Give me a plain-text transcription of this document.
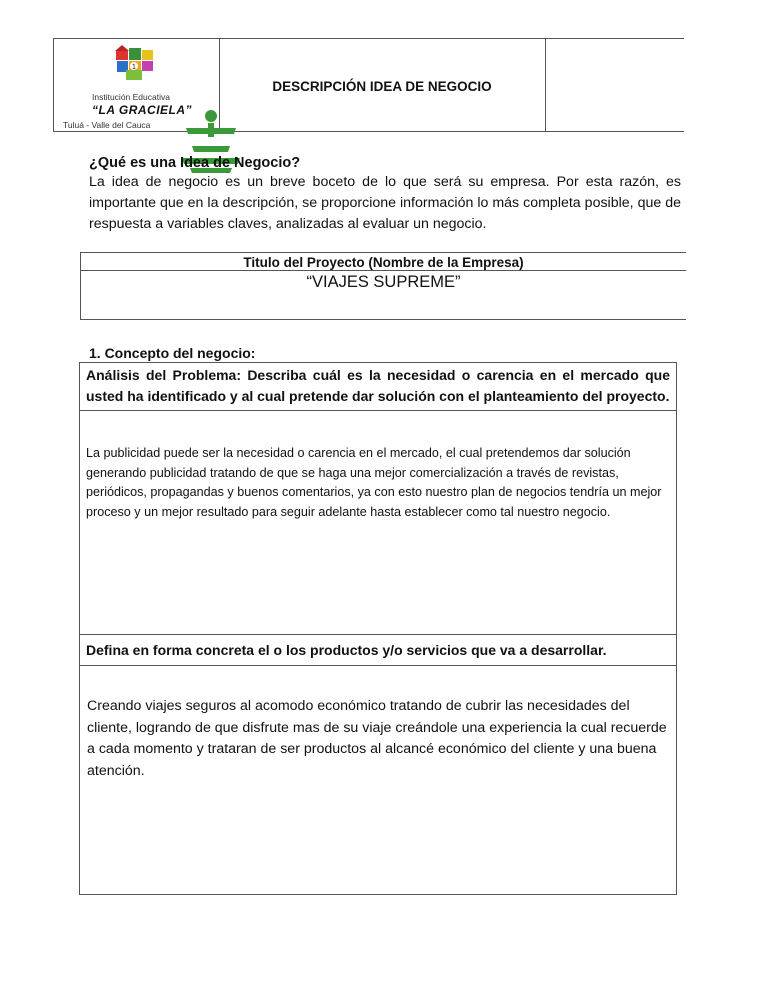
1
Institución Educativa
“LA GRACIELA”
Tuluá - Valle del Cauca
DESCRIPCIÓN IDEA DE NEGOCIO
¿Qué es una Idea de Negocio?
La idea de negocio es un breve boceto de lo que será su empresa. Por esta razón, es importante que en la descripción, se proporcione información lo más completa posible, que de respuesta a variables claves, analizadas al evaluar un negocio.
Titulo del Proyecto (Nombre de la Empresa)
“VIAJES SUPREME”
1. Concepto del negocio:
Análisis del Problema: Describa cuál es la necesidad o carencia en el mercado que usted ha identificado y al cual pretende dar solución con el planteamiento del proyecto.
La publicidad puede ser la necesidad o carencia en el mercado, el cual pretendemos dar solución generando publicidad tratando de que se haga una mejor comercialización a través de revistas, periódicos, propagandas y buenos comentarios, ya con esto nuestro plan de negocios tendría un mejor proceso y un mejor resultado para seguir adelante hasta establecer como tal nuestro negocio.
Defina en forma concreta el o los productos y/o servicios que va a desarrollar.
Creando viajes seguros al acomodo económico tratando de cubrir las necesidades del cliente, logrando de que disfrute mas de su viaje creándole una experiencia la cual recuerde a cada momento y trataran de ser productos al alcancé económico del cliente y una buena atención.
